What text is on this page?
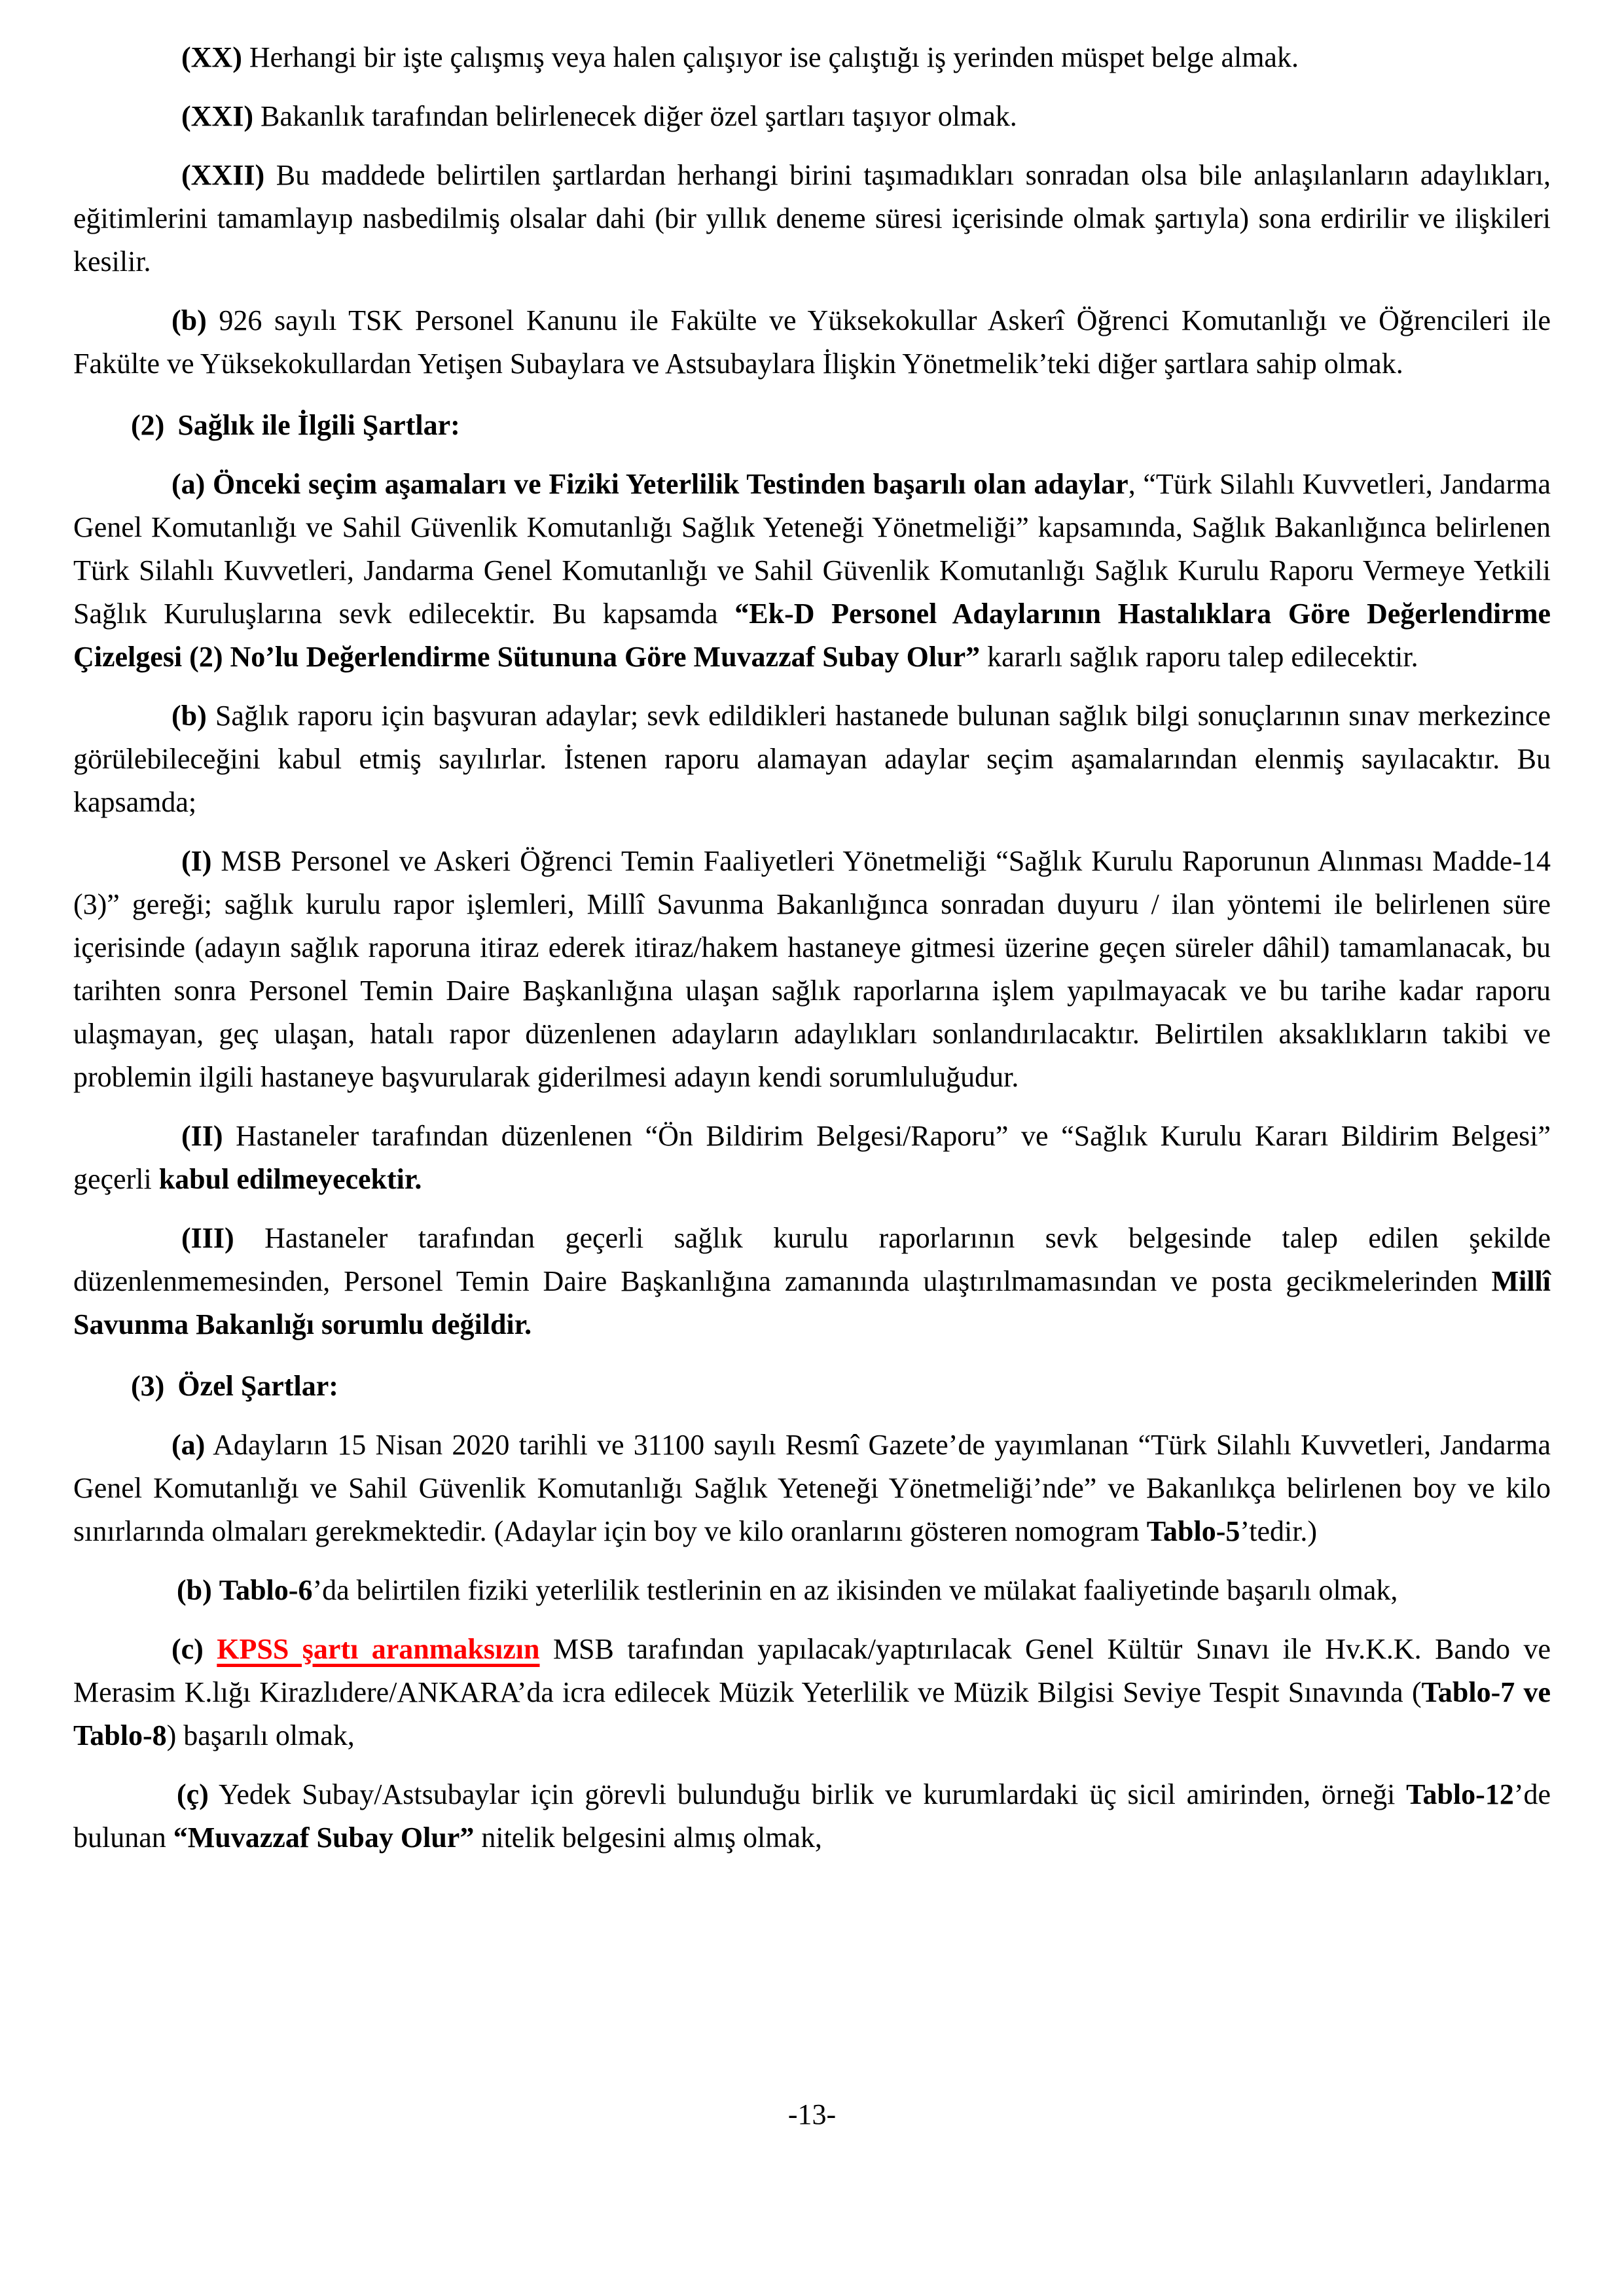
(XX) Herhangi bir işte çalışmış veya halen çalışıyor ise çalıştığı iş yerinden müspet belge almak.

(XXI) Bakanlık tarafından belirlenecek diğer özel şartları taşıyor olmak.

(XXII) Bu maddede belirtilen şartlardan herhangi birini taşımadıkları sonradan olsa bile anlaşılanların adaylıkları, eğitimlerini tamamlayıp nasbedilmiş olsalar dahi (bir yıllık deneme süresi içerisinde olmak şartıyla) sona erdirilir ve ilişkileri kesilir.

(b) 926 sayılı TSK Personel Kanunu ile Fakülte ve Yüksekokullar Askerî Öğrenci Komutanlığı ve Öğrencileri ile Fakülte ve Yüksekokullardan Yetişen Subaylara ve Astsubaylara İlişkin Yönetmelik’teki diğer şartlara sahip olmak.

(2) Sağlık ile İlgili Şartlar:

(a) Önceki seçim aşamaları ve Fiziki Yeterlilik Testinden başarılı olan adaylar, “Türk Silahlı Kuvvetleri, Jandarma Genel Komutanlığı ve Sahil Güvenlik Komutanlığı Sağlık Yeteneği Yönetmeliği” kapsamında, Sağlık Bakanlığınca belirlenen Türk Silahlı Kuvvetleri, Jandarma Genel Komutanlığı ve Sahil Güvenlik Komutanlığı Sağlık Kurulu Raporu Vermeye Yetkili Sağlık Kuruluşlarına sevk edilecektir. Bu kapsamda “Ek-D Personel Adaylarının Hastalıklara Göre Değerlendirme Çizelgesi (2) No’lu Değerlendirme Sütununa Göre Muvazzaf Subay Olur” kararlı sağlık raporu talep edilecektir.

(b) Sağlık raporu için başvuran adaylar; sevk edildikleri hastanede bulunan sağlık bilgi sonuçlarının sınav merkezince görülebileceğini kabul etmiş sayılırlar. İstenen raporu alamayan adaylar seçim aşamalarından elenmiş sayılacaktır. Bu kapsamda;

(I) MSB Personel ve Askeri Öğrenci Temin Faaliyetleri Yönetmeliği “Sağlık Kurulu Raporunun Alınması Madde-14 (3)” gereği; sağlık kurulu rapor işlemleri, Millî Savunma Bakanlığınca sonradan duyuru / ilan yöntemi ile belirlenen süre içerisinde (adayın sağlık raporuna itiraz ederek itiraz/hakem hastaneye gitmesi üzerine geçen süreler dâhil) tamamlanacak, bu tarihten sonra Personel Temin Daire Başkanlığına ulaşan sağlık raporlarına işlem yapılmayacak ve bu tarihe kadar raporu ulaşmayan, geç ulaşan, hatalı rapor düzenlenen adayların adaylıkları sonlandırılacaktır. Belirtilen aksaklıkların takibi ve problemin ilgili hastaneye başvurularak giderilmesi adayın kendi sorumluluğudur.

(II) Hastaneler tarafından düzenlenen “Ön Bildirim Belgesi/Raporu” ve “Sağlık Kurulu Kararı Bildirim Belgesi” geçerli kabul edilmeyecektir.

(III) Hastaneler tarafından geçerli sağlık kurulu raporlarının sevk belgesinde talep edilen şekilde düzenlenmemesinden, Personel Temin Daire Başkanlığına zamanında ulaştırılmamasından ve posta gecikmelerinden Millî Savunma Bakanlığı sorumlu değildir.

(3) Özel Şartlar:

(a) Adayların 15 Nisan 2020 tarihli ve 31100 sayılı Resmî Gazete’de yayımlanan “Türk Silahlı Kuvvetleri, Jandarma Genel Komutanlığı ve Sahil Güvenlik Komutanlığı Sağlık Yeteneği Yönetmeliği’nde” ve Bakanlıkça belirlenen boy ve kilo sınırlarında olmaları gerekmektedir. (Adaylar için boy ve kilo oranlarını gösteren nomogram Tablo-5’tedir.)

(b) Tablo-6’da belirtilen fiziki yeterlilik testlerinin en az ikisinden ve mülakat faaliyetinde başarılı olmak,

(c) KPSS şartı aranmaksızın MSB tarafından yapılacak/yaptırılacak Genel Kültür Sınavı ile Hv.K.K. Bando ve Merasim K.lığı Kirazlıdere/ANKARA’da icra edilecek Müzik Yeterlilik ve Müzik Bilgisi Seviye Tespit Sınavında (Tablo-7 ve Tablo-8) başarılı olmak,

(ç) Yedek Subay/Astsubaylar için görevli bulunduğu birlik ve kurumlardaki üç sicil amirinden, örneği Tablo-12’de bulunan “Muvazzaf Subay Olur” nitelik belgesini almış olmak,

-13-
